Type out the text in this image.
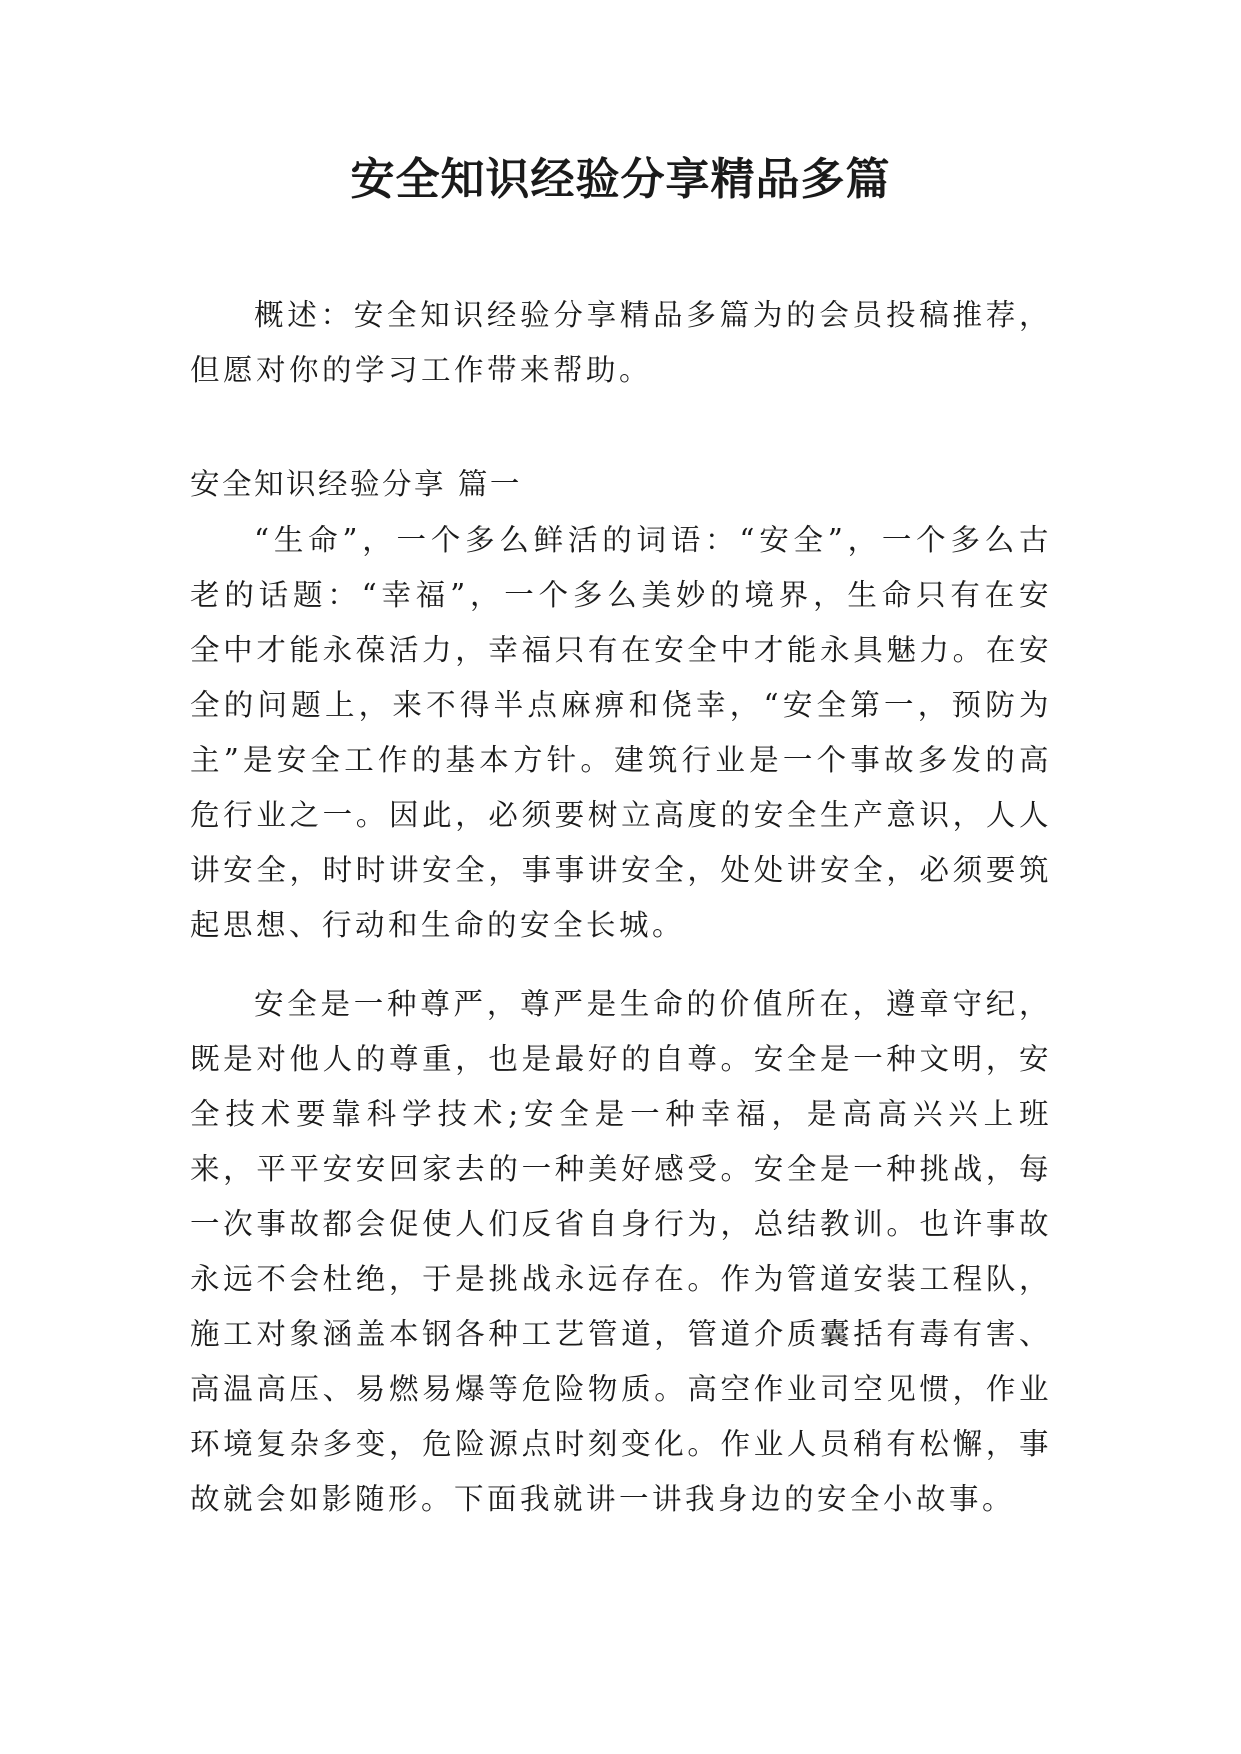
安全知识经验分享精品多篇

概述：安全知识经验分享精品多篇为的会员投稿推荐，但愿对你的学习工作带来帮助。

安全知识经验分享 篇一

“生命”，一个多么鲜活的词语：“安全”，一个多么古老的话题：“幸福”，一个多么美妙的境界，生命只有在安全中才能永葆活力，幸福只有在安全中才能永具魅力。在安全的问题上，来不得半点麻痹和侥幸，“安全第一，预防为主”是安全工作的基本方针。建筑行业是一个事故多发的高危行业之一。因此，必须要树立高度的安全生产意识，人人讲安全，时时讲安全，事事讲安全，处处讲安全，必须要筑起思想、行动和生命的安全长城。

安全是一种尊严，尊严是生命的价值所在，遵章守纪，既是对他人的尊重，也是最好的自尊。安全是一种文明，安全技术要靠科学技术;安全是一种幸福，是高高兴兴上班来，平平安安回家去的一种美好感受。安全是一种挑战，每一次事故都会促使人们反省自身行为，总结教训。也许事故永远不会杜绝，于是挑战永远存在。作为管道安装工程队，施工对象涵盖本钢各种工艺管道，管道介质囊括有毒有害、高温高压、易燃易爆等危险物质。高空作业司空见惯，作业环境复杂多变，危险源点时刻变化。作业人员稍有松懈，事故就会如影随形。下面我就讲一讲我身边的安全小故事。
